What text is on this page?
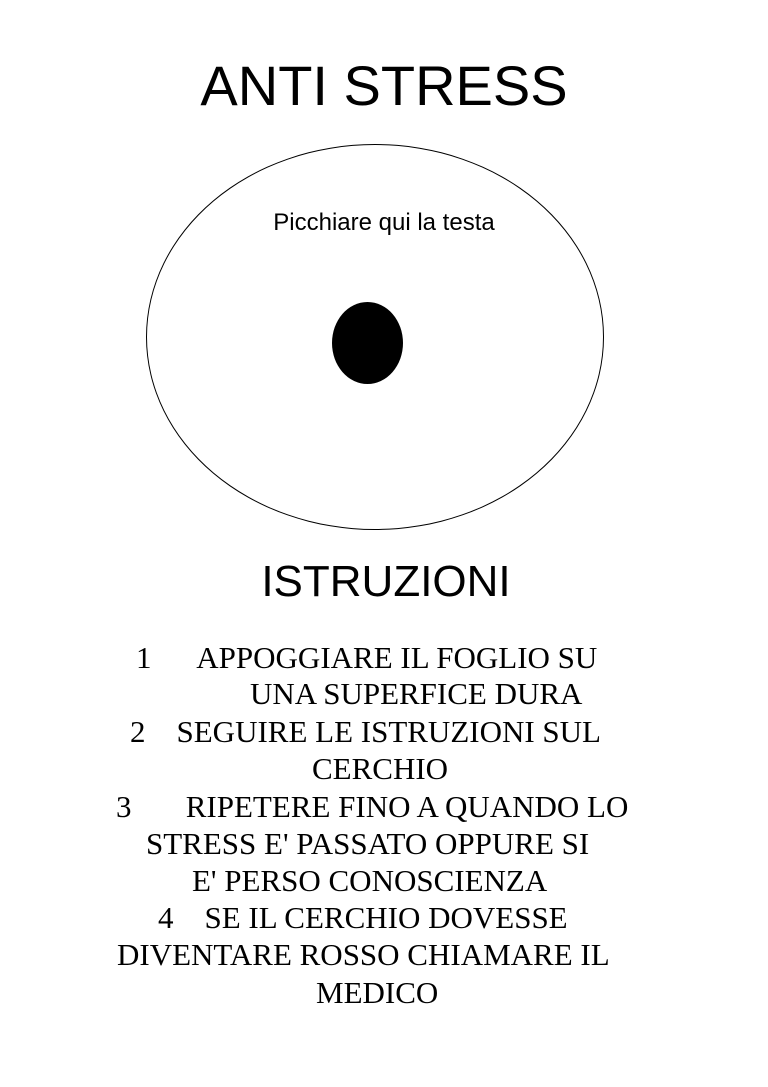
ANTI STRESS
Picchiare qui la testa
ISTRUZIONI
1      APPOGGIARE IL FOGLIO SU
UNA SUPERFICE DURA
2    SEGUIRE LE ISTRUZIONI SUL
CERCHIO
3       RIPETERE FINO A QUANDO LO
STRESS E' PASSATO OPPURE SI
E' PERSO CONOSCIENZA
4    SE IL CERCHIO DOVESSE
DIVENTARE ROSSO CHIAMARE IL
MEDICO
